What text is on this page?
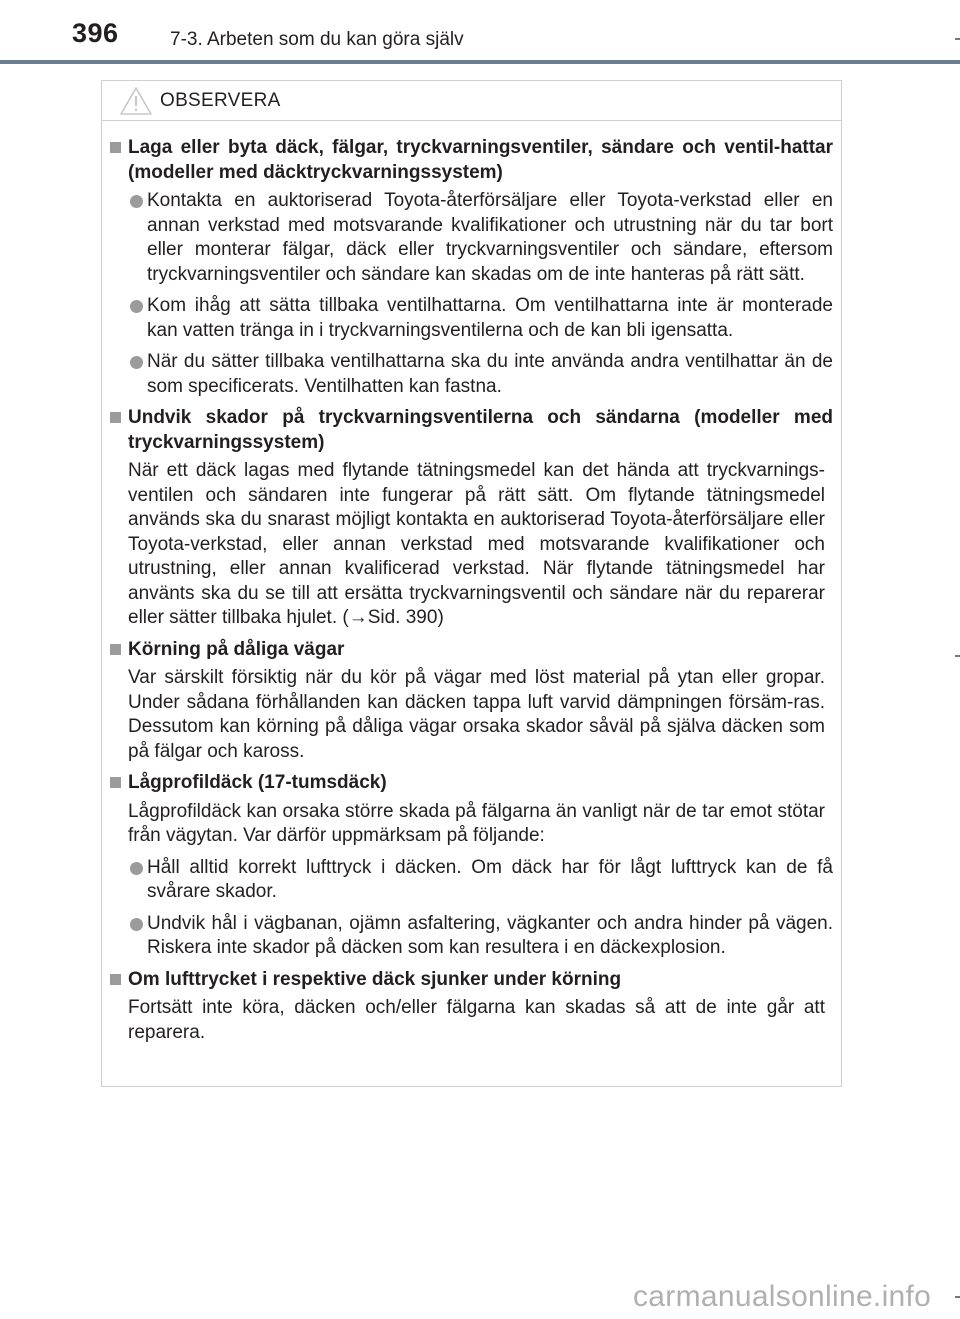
396	7-3. Arbeten som du kan göra själv
OBSERVERA
Laga eller byta däck, fälgar, tryckvarningsventiler, sändare och ventil-hattar (modeller med däcktryckvarningssystem)
Kontakta en auktoriserad Toyota-återförsäljare eller Toyota-verkstad eller en annan verkstad med motsvarande kvalifikationer och utrustning när du tar bort eller monterar fälgar, däck eller tryckvarningsventiler och sändare, eftersom tryckvarningsventiler och sändare kan skadas om de inte hanteras på rätt sätt.
Kom ihåg att sätta tillbaka ventilhattarna. Om ventilhattarna inte är monterade kan vatten tränga in i tryckvarningsventilerna och de kan bli igensatta.
När du sätter tillbaka ventilhattarna ska du inte använda andra ventilhattar än de som specificerats. Ventilhatten kan fastna.
Undvik skador på tryckvarningsventilerna och sändarna (modeller med tryckvarningssystem)
När ett däck lagas med flytande tätningsmedel kan det hända att tryckvarnings-ventilen och sändaren inte fungerar på rätt sätt. Om flytande tätningsmedel används ska du snarast möjligt kontakta en auktoriserad Toyota-återförsäljare eller Toyota-verkstad, eller annan verkstad med motsvarande kvalifikationer och utrustning, eller annan kvalificerad verkstad. När flytande tätningsmedel har använts ska du se till att ersätta tryckvarningsventil och sändare när du reparerar eller sätter tillbaka hjulet. (→Sid. 390)
Körning på dåliga vägar
Var särskilt försiktig när du kör på vägar med löst material på ytan eller gropar. Under sådana förhållanden kan däcken tappa luft varvid dämpningen försäm-ras. Dessutom kan körning på dåliga vägar orsaka skador såväl på själva däcken som på fälgar och kaross.
Lågprofildäck (17-tumsdäck)
Lågprofildäck kan orsaka större skada på fälgarna än vanligt när de tar emot stötar från vägytan. Var därför uppmärksam på följande:
Håll alltid korrekt lufttryck i däcken. Om däck har för lågt lufttryck kan de få svårare skador.
Undvik hål i vägbanan, ojämn asfaltering, vägkanter och andra hinder på vägen. Riskera inte skador på däcken som kan resultera i en däckexplosion.
Om lufttrycket i respektive däck sjunker under körning
Fortsätt inte köra, däcken och/eller fälgarna kan skadas så att de inte går att reparera.
carmanualsonline.info
